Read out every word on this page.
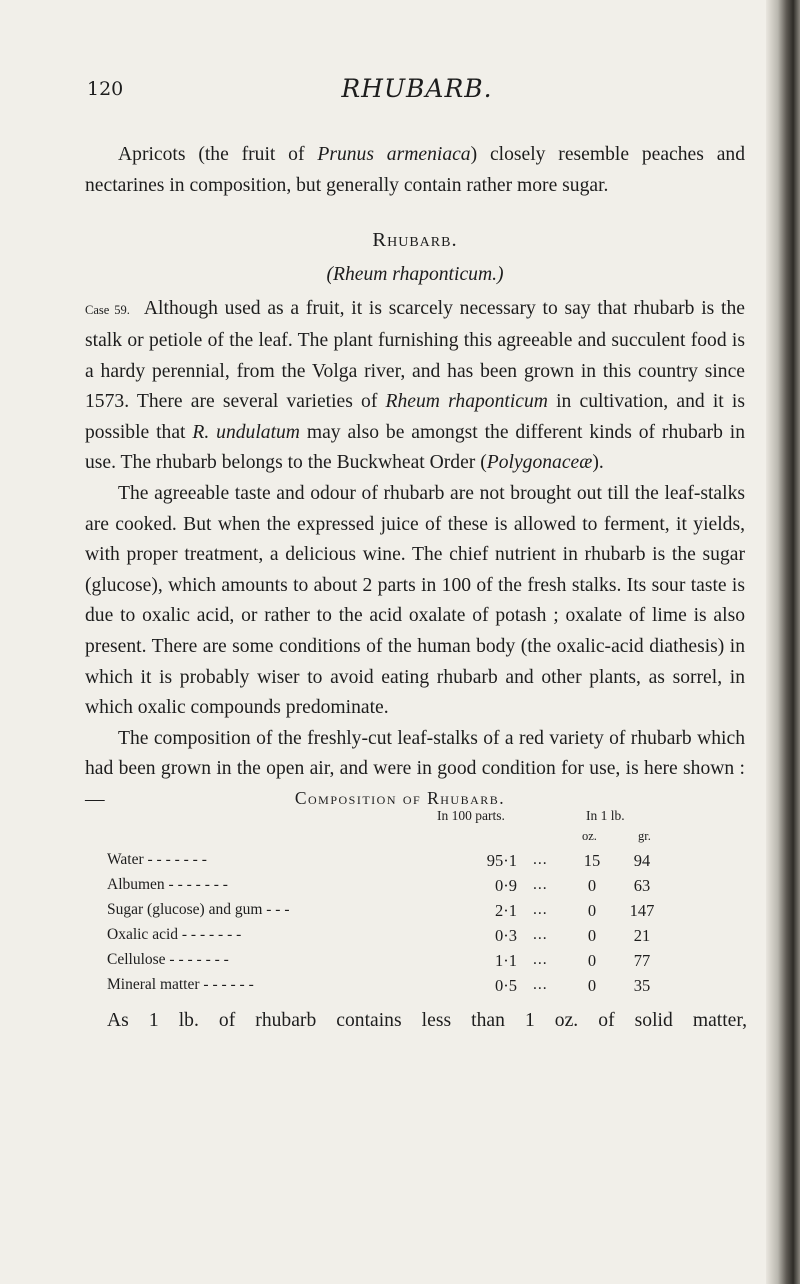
120	RHUBARB.

Apricots (the fruit of Prunus armeniaca) closely resemble peaches and nectarines in composition, but generally contain rather more sugar.

Rhubarb.

(Rheum rhaponticum.)

Case 59. Although used as a fruit, it is scarcely necessary to say that rhubarb is the stalk or petiole of the leaf. The plant furnishing this agreeable and succulent food is a hardy perennial, from the Volga river, and has been grown in this country since 1573. There are several varieties of Rheum rhaponticum in cultivation, and it is possible that R. undulatum may also be amongst the different kinds of rhubarb in use. The rhubarb belongs to the Buckwheat Order (Polygonaceæ).

The agreeable taste and odour of rhubarb are not brought out till the leaf-stalks are cooked. But when the expressed juice of these is allowed to ferment, it yields, with proper treatment, a delicious wine. The chief nutrient in rhubarb is the sugar (glucose), which amounts to about 2 parts in 100 of the fresh stalks. Its sour taste is due to oxalic acid, or rather to the acid oxalate of potash ; oxalate of lime is also present. There are some conditions of the human body (the oxalic-acid diathesis) in which it is probably wiser to avoid eating rhubarb and other plants, as sorrel, in which oxalic compounds predominate.

The composition of the freshly-cut leaf-stalks of a red variety of rhubarb which had been grown in the open air, and were in good condition for use, is here shown :—	Composition of Rhubarb.
In 100 parts.	In 1 lb.
oz.	gr.
Water - - - - - - -	95·1 ...	15	94
Albumen - - - - - - -	0·9 ...	0	63
Sugar (glucose) and gum - - -	2·1 ...	0	147
Oxalic acid - - - - - - -	0·3 ...	0	21
Cellulose - - - - - - -	1·1 ...	0	77
Mineral matter - - - - - -	0·5 ...	0	35

As 1 lb. of rhubarb contains less than 1 oz. of solid matter,
